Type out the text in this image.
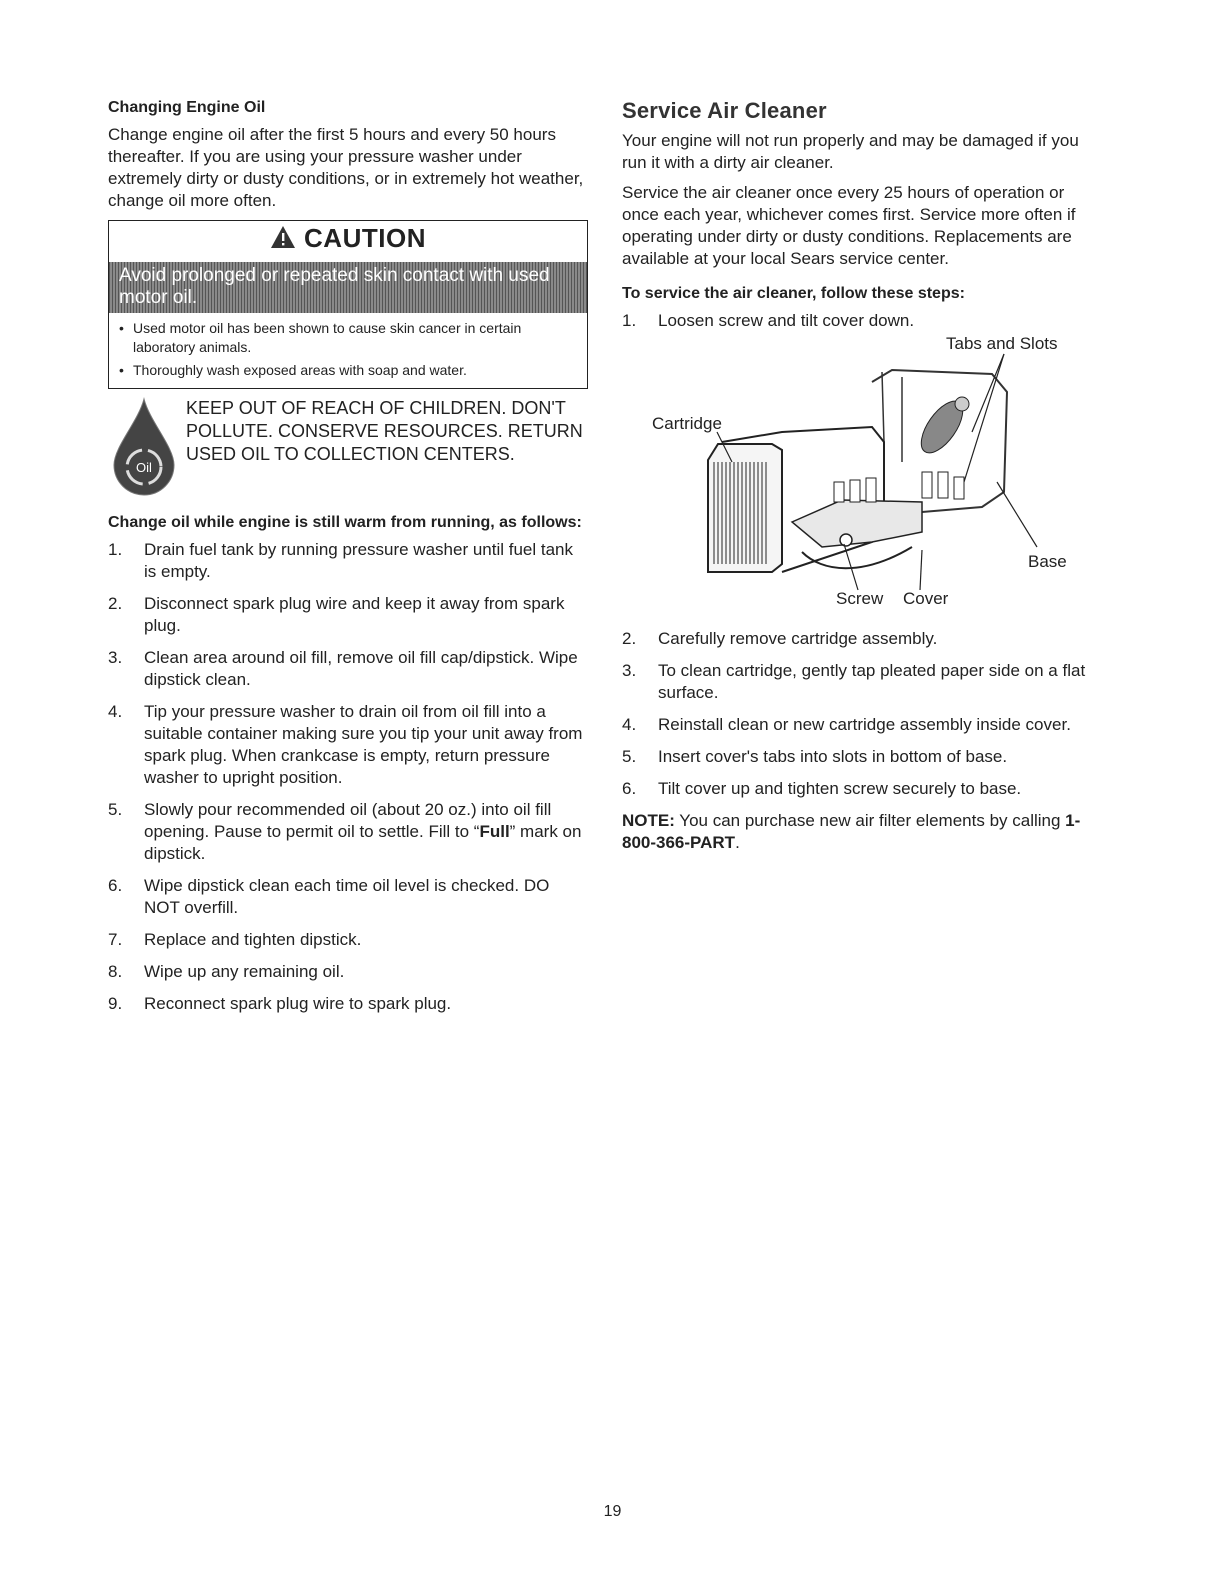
Changing Engine Oil

Change engine oil after the first 5 hours and every 50 hours thereafter. If you are using your pressure washer under extremely dirty or dusty conditions, or in extremely hot weather, change oil more often.

CAUTION
Avoid prolonged or repeated skin contact with used motor oil.
• Used motor oil has been shown to cause skin cancer in certain laboratory animals.
• Thoroughly wash exposed areas with soap and water.
Oil
KEEP OUT OF REACH OF CHILDREN. DON'T POLLUTE. CONSERVE RESOURCES. RETURN USED OIL TO COLLECTION CENTERS.
Change oil while engine is still warm from running, as follows:
1. Drain fuel tank by running pressure washer until fuel tank is empty.
2. Disconnect spark plug wire and keep it away from spark plug.
3. Clean area around oil fill, remove oil fill cap/dipstick. Wipe dipstick clean.
4. Tip your pressure washer to drain oil from oil fill into a suitable container making sure you tip your unit away from spark plug. When crankcase is empty, return pressure washer to upright position.
5. Slowly pour recommended oil (about 20 oz.) into oil fill opening. Pause to permit oil to settle. Fill to “Full” mark on dipstick.
6. Wipe dipstick clean each time oil level is checked. DO NOT overfill.
7. Replace and tighten dipstick.
8. Wipe up any remaining oil.
9. Reconnect spark plug wire to spark plug.
Service Air Cleaner

Your engine will not run properly and may be damaged if you run it with a dirty air cleaner.

Service the air cleaner once every 25 hours of operation or once each year, whichever comes first. Service more often if operating under dirty or dusty conditions. Replacements are available at your local Sears service center.

To service the air cleaner, follow these steps:
1. Loosen screw and tilt cover down.
Tabs and Slots
Cartridge
Base
Screw Cover
2. Carefully remove cartridge assembly.
3. To clean cartridge, gently tap pleated paper side on a flat surface.
4. Reinstall clean or new cartridge assembly inside cover.
5. Insert cover's tabs into slots in bottom of base.
6. Tilt cover up and tighten screw securely to base.

NOTE: You can purchase new air filter elements by calling 1-800-366-PART.

19
